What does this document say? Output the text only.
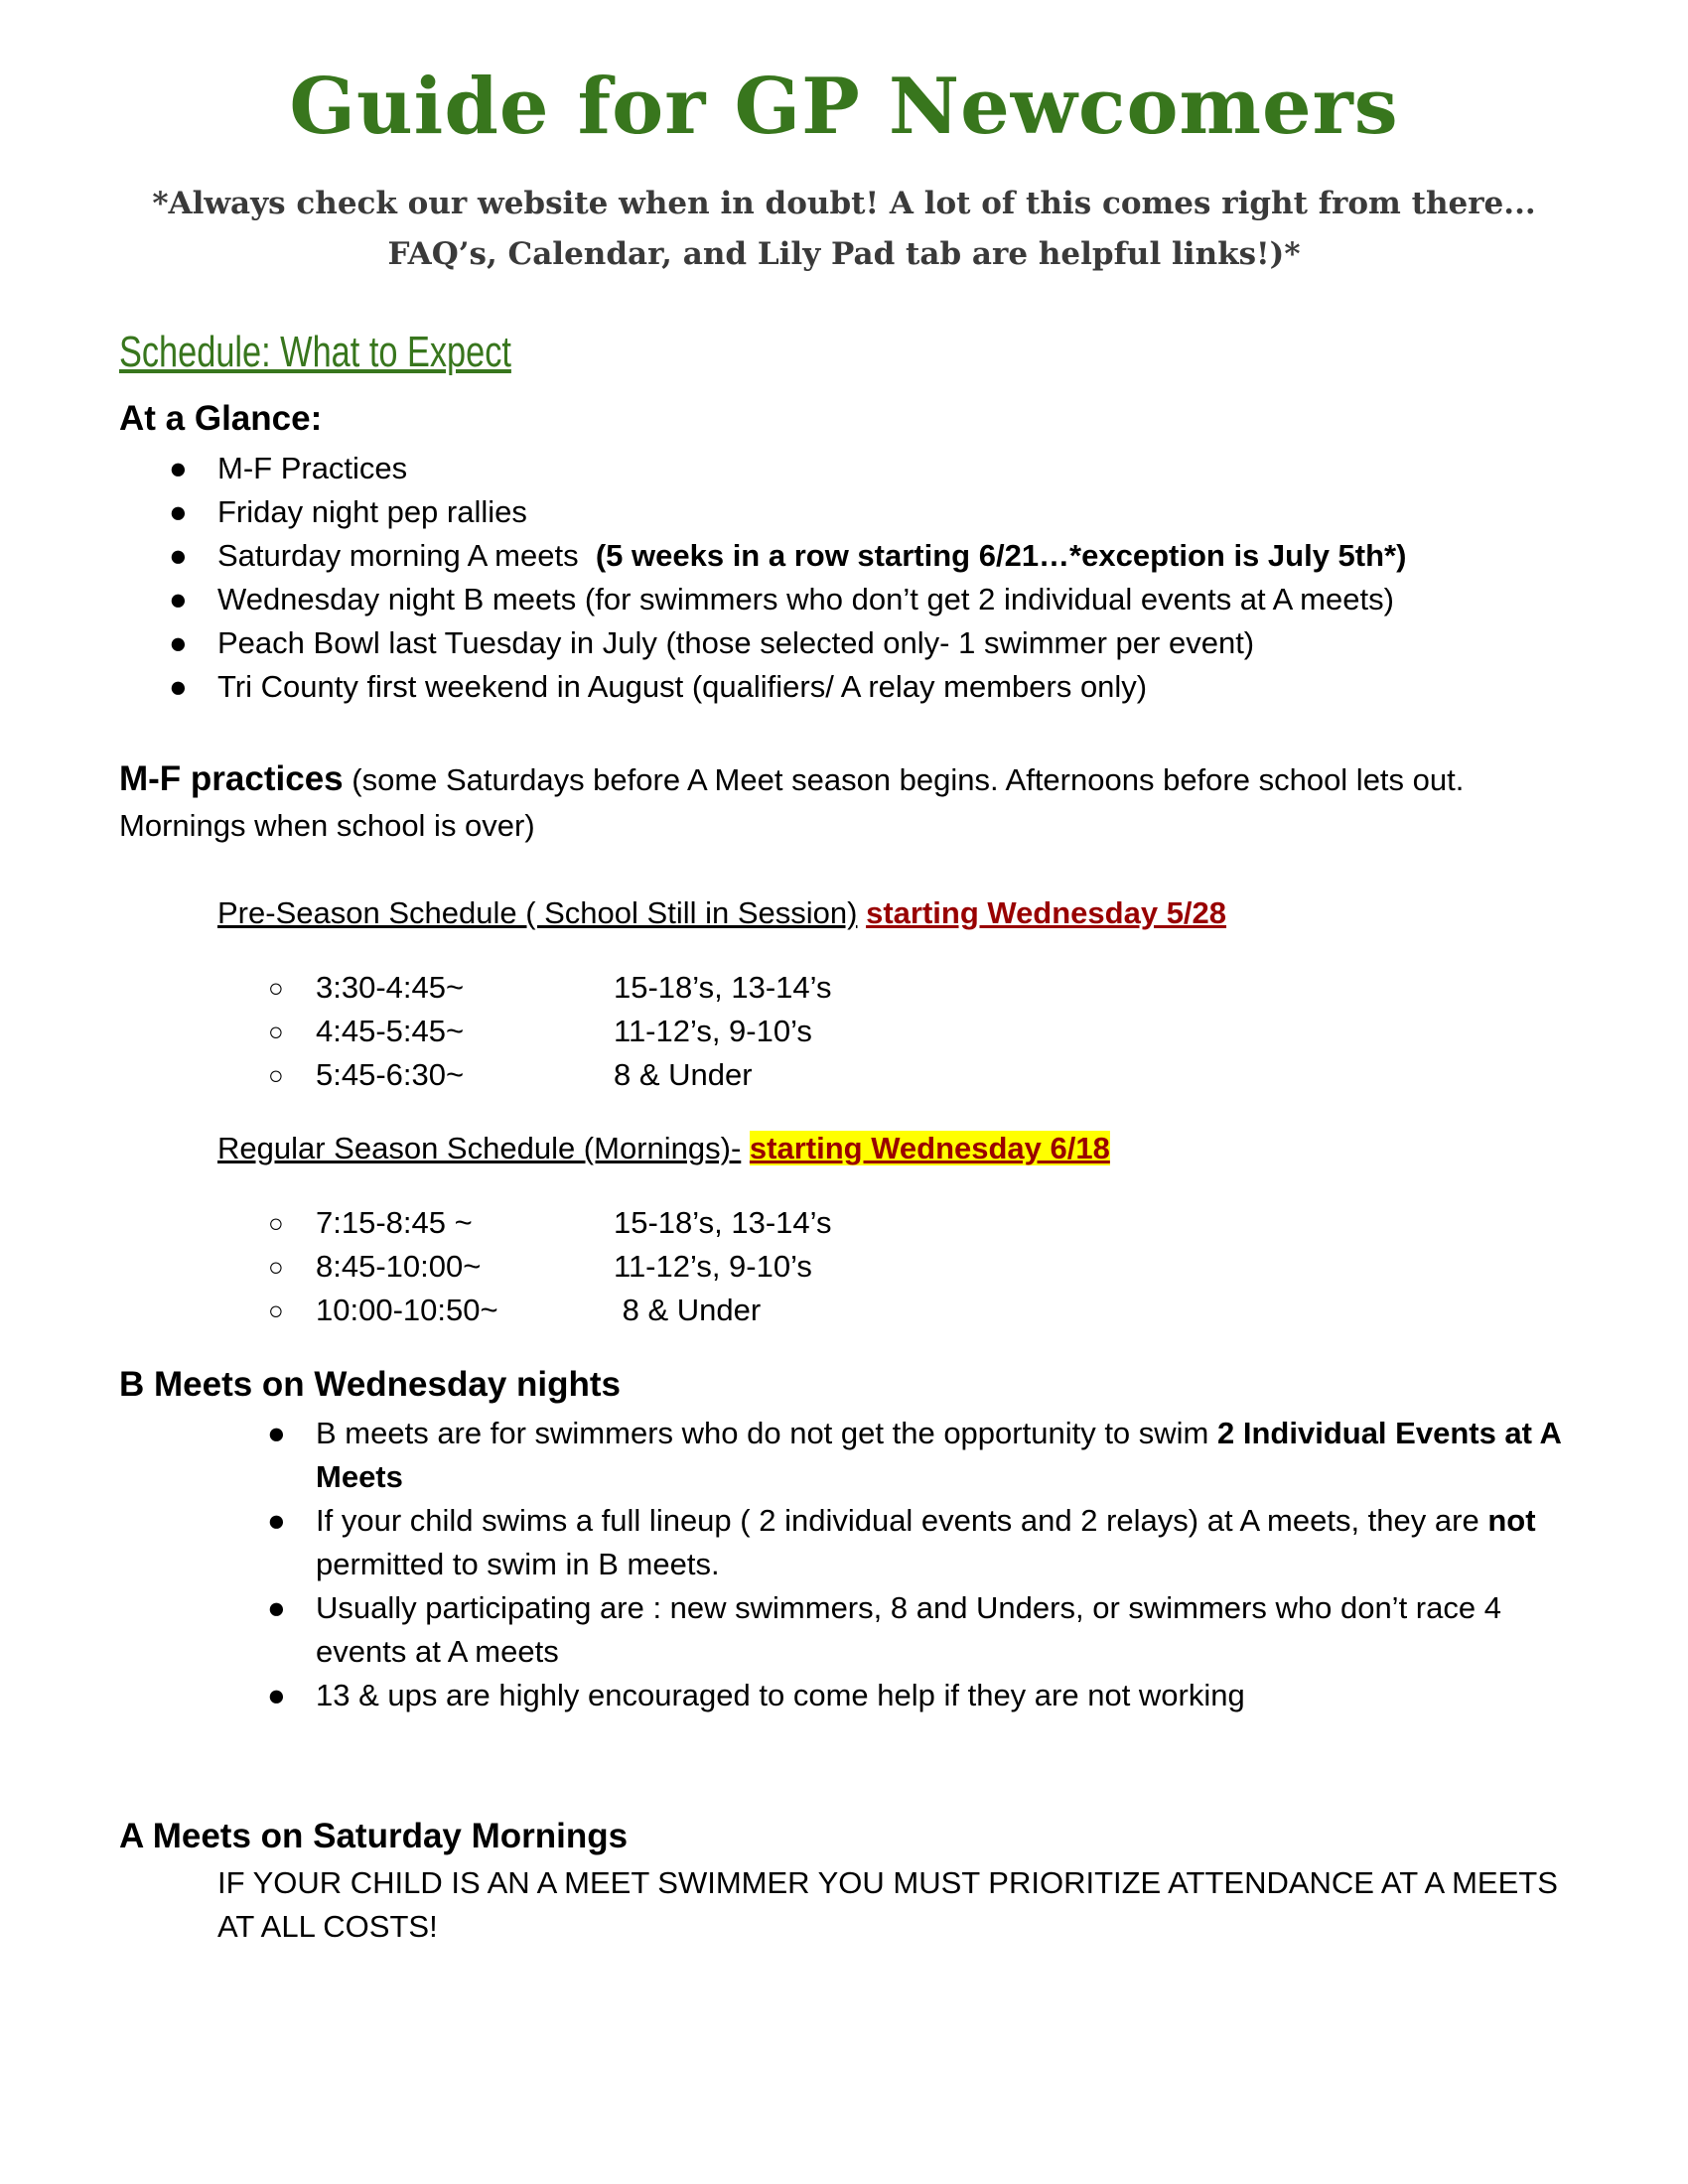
Guide for GP Newcomers
*Always check our website when in doubt! A lot of this comes right from there... FAQ’s, Calendar, and Lily Pad tab are helpful links!)*
Schedule: What to Expect
At a Glance:
● M-F Practices
● Friday night pep rallies
● Saturday morning A meets (5 weeks in a row starting 6/21…*exception is July 5th*)
● Wednesday night B meets (for swimmers who don’t get 2 individual events at A meets)
● Peach Bowl last Tuesday in July (those selected only- 1 swimmer per event)
● Tri County first weekend in August (qualifiers/ A relay members only)
M-F practices (some Saturdays before A Meet season begins. Afternoons before school lets out. Mornings when school is over)
Pre-Season Schedule ( School Still in Session) starting Wednesday 5/28
○ 3:30-4:45~	15-18’s, 13-14’s
○ 4:45-5:45~	11-12’s, 9-10’s
○ 5:45-6:30~	8 & Under
Regular Season Schedule (Mornings)- starting Wednesday 6/18
○ 7:15-8:45 ~	15-18’s, 13-14’s
○ 8:45-10:00~	11-12’s, 9-10’s
○ 10:00-10:50~	8 & Under
B Meets on Wednesday nights
● B meets are for swimmers who do not get the opportunity to swim 2 Individual Events at A Meets
● If your child swims a full lineup ( 2 individual events and 2 relays) at A meets, they are not permitted to swim in B meets.
● Usually participating are : new swimmers, 8 and Unders, or swimmers who don’t race 4 events at A meets
● 13 & ups are highly encouraged to come help if they are not working
A Meets on Saturday Mornings
IF YOUR CHILD IS AN A MEET SWIMMER YOU MUST PRIORITIZE ATTENDANCE AT A MEETS AT ALL COSTS!
